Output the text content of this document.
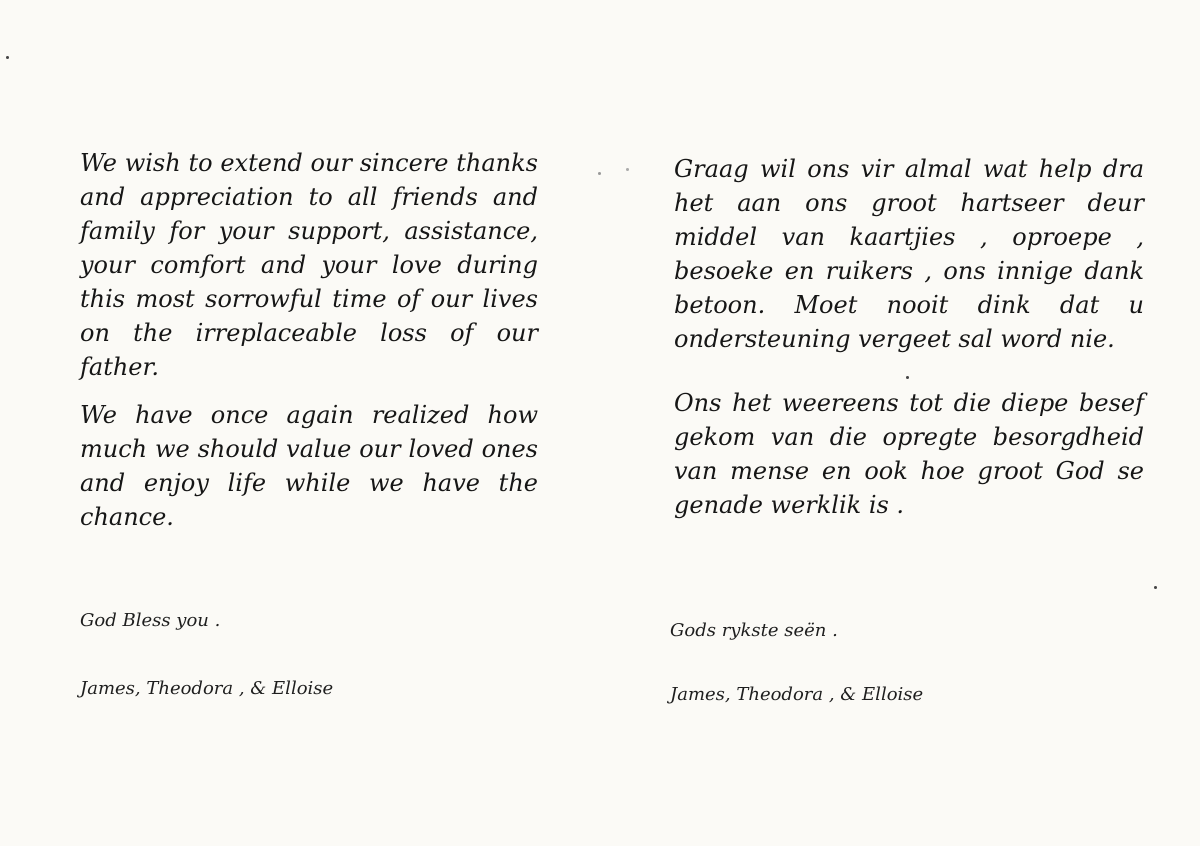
We wish to extend our sincere thanks and appreciation to all friends and family for your support, assistance, your comfort and your love during this most sorrowful time of our lives on the irreplaceable loss of our father.

We have once again realized how much we should value our loved ones and enjoy life while we have the chance.

God Bless you .

James, Theodora , & Elloise

Graag wil ons vir almal wat help dra het aan ons groot hartseer deur middel van kaartjies , oproepe , besoeke en ruikers , ons innige dank betoon. Moet nooit dink dat u ondersteuning vergeet sal word nie.

Ons het weereens tot die diepe besef gekom van die opregte besorgdheid van mense en ook hoe groot God se genade werklik is .

Gods rykste seën .

James, Theodora , & Elloise
